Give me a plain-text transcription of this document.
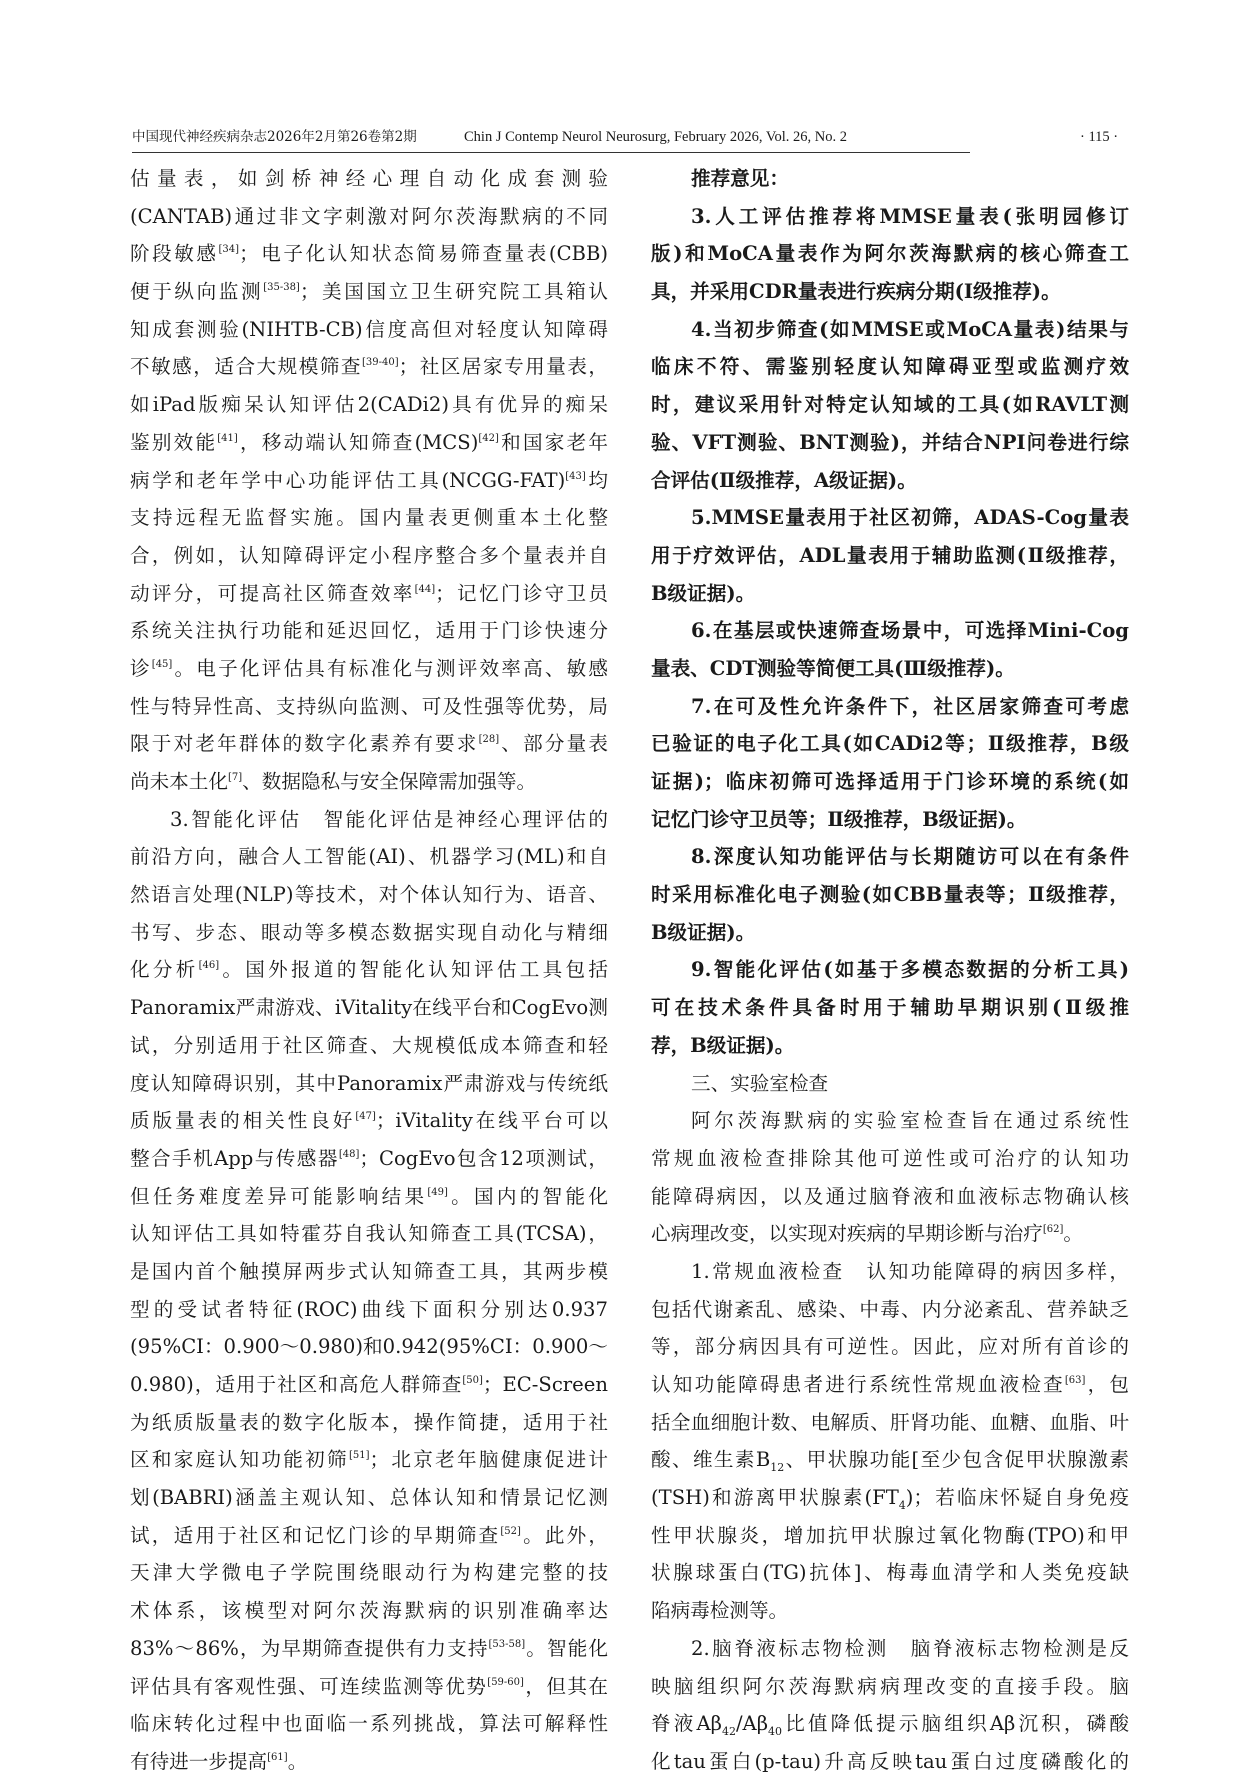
中国现代神经疾病杂志2026年2月第26卷第2期	Chin J Contemp Neurol Neurosurg, February 2026, Vol. 26, No. 2	· 115 ·
估量表，如剑桥神经心理自动化成套测验
(CANTAB)通过非文字刺激对阿尔茨海默病的不同
阶段敏感[34]；电子化认知状态简易筛查量表(CBB)
便于纵向监测[35-38]；美国国立卫生研究院工具箱认
知成套测验(NIHTB-CB)信度高但对轻度认知障碍
不敏感，适合大规模筛查[39-40]；社区居家专用量表，
如iPad版痴呆认知评估2(CADi2)具有优异的痴呆
鉴别效能[41]，移动端认知筛查(MCS)[42]和国家老年
病学和老年学中心功能评估工具(NCGG-FAT)[43]均
支持远程无监督实施。国内量表更侧重本土化整
合，例如，认知障碍评定小程序整合多个量表并自
动评分，可提高社区筛查效率[44]；记忆门诊守卫员
系统关注执行功能和延迟回忆，适用于门诊快速分
诊[45]。电子化评估具有标准化与测评效率高、敏感
性与特异性高、支持纵向监测、可及性强等优势，局
限于对老年群体的数字化素养有要求[28]、部分量表
尚未本土化[7]、数据隐私与安全保障需加强等。
3.智能化评估　智能化评估是神经心理评估的
前沿方向，融合人工智能(AI)、机器学习(ML)和自
然语言处理(NLP)等技术，对个体认知行为、语音、
书写、步态、眼动等多模态数据实现自动化与精细
化分析[46]。国外报道的智能化认知评估工具包括
Panoramix严肃游戏、iVitality在线平台和CogEvo测
试，分别适用于社区筛查、大规模低成本筛查和轻
度认知障碍识别，其中Panoramix严肃游戏与传统纸
质版量表的相关性良好[47]；iVitality在线平台可以
整合手机App与传感器[48]；CogEvo包含12项测试，
但任务难度差异可能影响结果[49]。国内的智能化
认知评估工具如特霍芬自我认知筛查工具(TCSA)，
是国内首个触摸屏两步式认知筛查工具，其两步模
型的受试者特征(ROC)曲线下面积分别达0.937
(95%CI：0.900～0.980)和0.942(95%CI：0.900～
0.980)，适用于社区和高危人群筛查[50]；EC-Screen
为纸质版量表的数字化版本，操作简捷，适用于社
区和家庭认知功能初筛[51]；北京老年脑健康促进计
划(BABRI)涵盖主观认知、总体认知和情景记忆测
试，适用于社区和记忆门诊的早期筛查[52]。此外，
天津大学微电子学院围绕眼动行为构建完整的技
术体系，该模型对阿尔茨海默病的识别准确率达
83%～86%，为早期筛查提供有力支持[53-58]。智能化
评估具有客观性强、可连续监测等优势[59-60]，但其在
临床转化过程中也面临一系列挑战，算法可解释性
有待进一步提高[61]。
推荐意见：
3.人工评估推荐将MMSE量表(张明园修订
版)和MoCA量表作为阿尔茨海默病的核心筛查工
具，并采用CDR量表进行疾病分期(Ⅰ级推荐)。
4.当初步筛查(如MMSE或MoCA量表)结果与
临床不符、需鉴别轻度认知障碍亚型或监测疗效
时，建议采用针对特定认知域的工具(如RAVLT测
验、VFT测验、BNT测验)，并结合NPI问卷进行综
合评估(Ⅱ级推荐，A级证据)。
5.MMSE量表用于社区初筛，ADAS-Cog量表
用于疗效评估，ADL量表用于辅助监测(Ⅱ级推荐，
B级证据)。
6.在基层或快速筛查场景中，可选择Mini-Cog
量表、CDT测验等简便工具(Ⅲ级推荐)。
7.在可及性允许条件下，社区居家筛查可考虑
已验证的电子化工具(如CADi2等；Ⅱ级推荐，B级
证据)；临床初筛可选择适用于门诊环境的系统(如
记忆门诊守卫员等；Ⅱ级推荐，B级证据)。
8.深度认知功能评估与长期随访可以在有条件
时采用标准化电子测验(如CBB量表等；Ⅱ级推荐，
B级证据)。
9.智能化评估(如基于多模态数据的分析工具)
可在技术条件具备时用于辅助早期识别(Ⅱ级推
荐，B级证据)。
三、实验室检查
阿尔茨海默病的实验室检查旨在通过系统性
常规血液检查排除其他可逆性或可治疗的认知功
能障碍病因，以及通过脑脊液和血液标志物确认核
心病理改变，以实现对疾病的早期诊断与治疗[62]。
1.常规血液检查　认知功能障碍的病因多样，
包括代谢紊乱、感染、中毒、内分泌紊乱、营养缺乏
等，部分病因具有可逆性。因此，应对所有首诊的
认知功能障碍患者进行系统性常规血液检查[63]，包
括全血细胞计数、电解质、肝肾功能、血糖、血脂、叶
酸、维生素$B_{12}$、甲状腺功能[至少包含促甲状腺激素
(TSH)和游离甲状腺素$(FT_4)$；若临床怀疑自身免疫
性甲状腺炎，增加抗甲状腺过氧化物酶(TPO)和甲
状腺球蛋白(TG)抗体]、梅毒血清学和人类免疫缺
陷病毒检测等。
2.脑脊液标志物检测　脑脊液标志物检测是反
映脑组织阿尔茨海默病病理改变的直接手段。脑
脊液$A\beta_{42}/A\beta_{40}$比值降低提示脑组织Aβ沉积，磷酸
化tau蛋白(p-tau)升高反映tau蛋白过度磷酸化的
